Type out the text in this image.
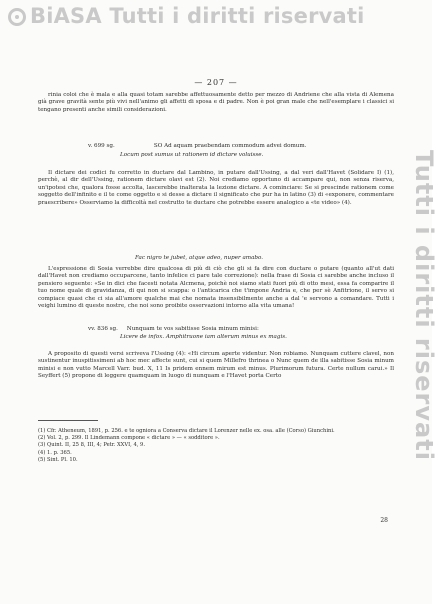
BiASA Tutti i diritti riservati
Tutti i diritti riservati
— 207 —
rinia coloi che è mala e alla quasi totam sarebbe affettuosamente detto per mezzo di Andriene che alla vista di Alemena già grave gravità sente più vivi nell'animo gli affetti di sposa e di padre. Non è poi gran male che nell'esemplare i classici si tengano presenti anche simili considerazioni.
v. 699 sg.	SO Ad aquam praebendam commodum advei domum.
Locum post sumus ut rationem id dictare voluisse.
Il dictare dei codici fu corretto in ductare dal Lambino, in putare dall'Ussing, a dal veri dall'Havet (Solidare I) (1), perchè, al dir dell'Ussing, rationem dictare olavi est (2). Noi crediamo opportuno di accampare qui, non senza riserva, un'ipotesi che, qualora fosse accolta, lascerebbe inalterata la lezione dictare. A cominciare: Se si prescinde rationem come soggetto dell'infinito e il te come oggetto e si desse a dictare il significato che pur ha in latino (3) di «exponere, commentare praescribere» Osserviamo la difficoltà nel costrutto te ductare che potrebbe essere analogico a «te video» (4).
Fac nigro te jubet, atque adeo, nuper amabo.
L'espressione di Sosia verrebbe dire qualcosa di più di ciò che gli si fa dire con ductare o putare (quanto all'ut dati dall'Havet non crediamo occuparcene, tanto infelice ci pare tale correzione): nella frase di Sosia ci sarebbe anche incluso il pensiero seguente: «Se in dici che facesti notata Alcmena, poichè noi siamo stati fuori più di otto mesi, essa fa comparire il tuo nome quale di gravidanza, di qui non si scappa: o l'anticarica che t'impone Andria e, che per sè Anfitrione, il servo si compiace quasi che ci sia all'amore qualche mai che nomata insensibilmente anche a dal 'e servono a comandare. Tutti i veighi lumino di queste nostre, che noi sono proibite osservazioni intorno alla vita umana!
vv. 836 sg. Nunquam te vos sabitisse Sosia minum minisi:
Licere de infox. Amphitruone iam alterum minus ex magis.
A proposito di questi versi scriveva l'Ussing (4): «Hi circum aperte videntur. Non robiamo. Nunquam cuttere clavel, non sustinentur inuspitissimeni ab hoc mec affecte sunt, cui si quem Millefro thrinea o Nunc quem de illa sabitisse Sosia minum minisi e non vutto Marcell Varr. bud. X, 11 Is pridem ennem mirum est minus. Plurimorum futura. Certe nullum carui.» Il Seyffert (5) propone di leggere quamquam in luogo di nunquam e l'Havet porta Certo
(1) Cfr. Atheneum, 1891, p. 256. e te ogniora a Conserva dictare il Lorenzer nelle ex. osa. alle (Corso) Giunchini.
(2) Vol. 2, p. 299. Il Lindemann compone « dictare » — « sodditore ».
(3) Quint. II, 25 8, III, 4; Petr. XXVI, 4, 9.
(4) 1. p. 365.
(5) Sint. Pl. 10.
28
